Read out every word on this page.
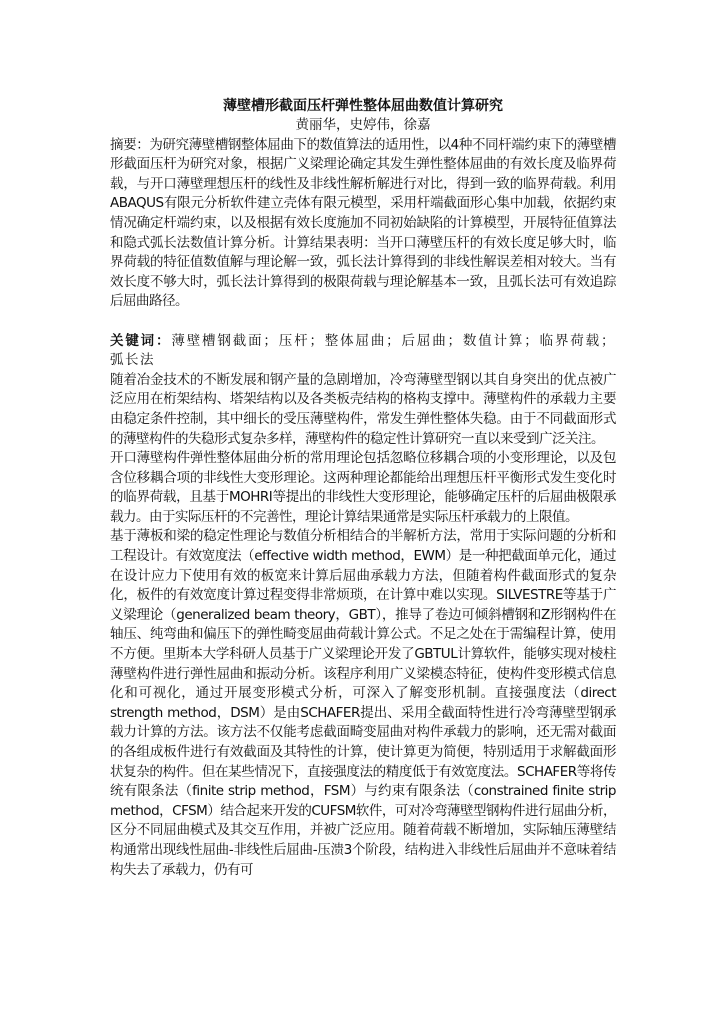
薄壁槽形截面压杆弹性整体屈曲数值计算研究
黄丽华，史婷伟，徐嘉

摘要：为研究薄壁槽钢整体屈曲下的数值算法的适用性，以4种不同杆端约束下的薄壁槽形截面压杆为研究对象，根据广义梁理论确定其发生弹性整体屈曲的有效长度及临界荷载，与开口薄壁理想压杆的线性及非线性解析解进行对比，得到一致的临界荷载。利用ABAQUS有限元分析软件建立壳体有限元模型，采用杆端截面形心集中加载，依据约束情况确定杆端约束，以及根据有效长度施加不同初始缺陷的计算模型，开展特征值算法和隐式弧长法数值计算分析。计算结果表明：当开口薄壁压杆的有效长度足够大时，临界荷载的特征值数值解与理论解一致，弧长法计算得到的非线性解误差相对较大。当有效长度不够大时，弧长法计算得到的极限荷载与理论解基本一致，且弧长法可有效追踪后屈曲路径。

关键词：薄壁槽钢截面；压杆；整体屈曲；后屈曲；数值计算；临界荷载；弧长法

随着冶金技术的不断发展和钢产量的急剧增加，冷弯薄壁型钢以其自身突出的优点被广泛应用在桁架结构、塔架结构以及各类板壳结构的格构支撑中。薄壁构件的承载力主要由稳定条件控制，其中细长的受压薄壁构件，常发生弹性整体失稳。由于不同截面形式的薄壁构件的失稳形式复杂多样，薄壁构件的稳定性计算研究一直以来受到广泛关注。

开口薄壁构件弹性整体屈曲分析的常用理论包括忽略位移耦合项的小变形理论，以及包含位移耦合项的非线性大变形理论。这两种理论都能给出理想压杆平衡形式发生变化时的临界荷载，且基于MOHRI等提出的非线性大变形理论，能够确定压杆的后屈曲极限承载力。由于实际压杆的不完善性，理论计算结果通常是实际压杆承载力的上限值。

基于薄板和梁的稳定性理论与数值分析相结合的半解析方法，常用于实际问题的分析和工程设计。有效宽度法（effective width method，EWM）是一种把截面单元化，通过在设计应力下使用有效的板宽来计算后屈曲承载力方法，但随着构件截面形式的复杂化，板件的有效宽度计算过程变得非常烦琐，在计算中难以实现。SILVESTRE等基于广义梁理论（generalized beam theory，GBT），推导了卷边可倾斜槽钢和Z形钢构件在轴压、纯弯曲和偏压下的弹性畸变屈曲荷载计算公式。不足之处在于需编程计算，使用不方便。里斯本大学科研人员基于广义梁理论开发了GBTUL计算软件，能够实现对棱柱薄壁构件进行弹性屈曲和振动分析。该程序利用广义梁模态特征，使构件变形模式信息化和可视化，通过开展变形模式分析，可深入了解变形机制。直接强度法（direct strength method，DSM）是由SCHAFER提出、采用全截面特性进行冷弯薄壁型钢承载力计算的方法。该方法不仅能考虑截面畸变屈曲对构件承载力的影响，还无需对截面的各组成板件进行有效截面及其特性的计算，使计算更为简便，特别适用于求解截面形状复杂的构件。但在某些情况下，直接强度法的精度低于有效宽度法。SCHAFER等将传统有限条法（finite strip method，FSM）与约束有限条法（constrained finite strip method，CFSM）结合起来开发的CUFSM软件，可对冷弯薄壁型钢构件进行屈曲分析，区分不同屈曲模式及其交互作用，并被广泛应用。随着荷载不断增加，实际轴压薄壁结构通常出现线性屈曲-非线性后屈曲-压溃3个阶段，结构进入非线性后屈曲并不意味着结构失去了承载力，仍有可
